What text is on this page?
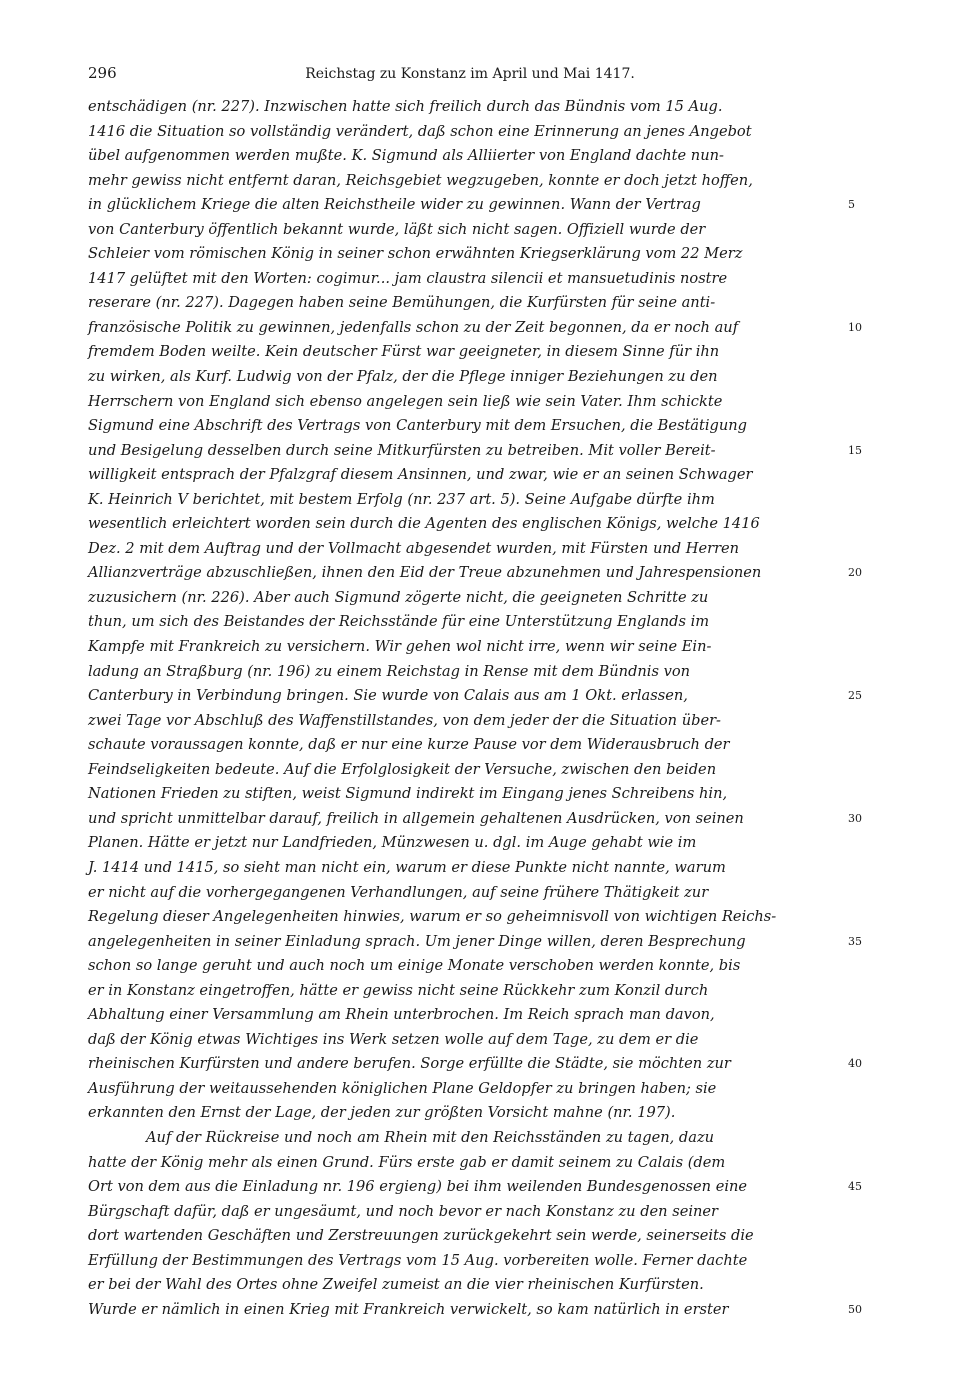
296	Reichstag zu Konstanz im April und Mai 1417.
entschädigen (nr. 227). Inzwischen hatte sich freilich durch das Bündnis vom 15 Aug.
1416 die Situation so vollständig verändert, daß schon eine Erinnerung an jenes Angebot
übel aufgenommen werden mußte. K. Sigmund als Alliierter von England dachte nun-
mehr gewiss nicht entfernt daran, Reichsgebiet wegzugeben, konnte er doch jetzt hoffen,
in glücklichem Kriege die alten Reichstheile wider zu gewinnen. Wann der Vertrag	5
von Canterbury öffentlich bekannt wurde, läßt sich nicht sagen. Offiziell wurde der
Schleier vom römischen König in seiner schon erwähnten Kriegserklärung vom 22 Merz
1417 gelüftet mit den Worten: cogimur... jam claustra silencii et mansuetudinis nostre
reserare (nr. 227). Dagegen haben seine Bemühungen, die Kurfürsten für seine anti-
französische Politik zu gewinnen, jedenfalls schon zu der Zeit begonnen, da er noch auf	10
fremdem Boden weilte. Kein deutscher Fürst war geeigneter, in diesem Sinne für ihn
zu wirken, als Kurf. Ludwig von der Pfalz, der die Pflege inniger Beziehungen zu den
Herrschern von England sich ebenso angelegen sein ließ wie sein Vater. Ihm schickte
Sigmund eine Abschrift des Vertrags von Canterbury mit dem Ersuchen, die Bestätigung
und Besigelung desselben durch seine Mitkurfürsten zu betreiben. Mit voller Bereit-	15
willigkeit entsprach der Pfalzgraf diesem Ansinnen, und zwar, wie er an seinen Schwager
K. Heinrich V berichtet, mit bestem Erfolg (nr. 237 art. 5). Seine Aufgabe dürfte ihm
wesentlich erleichtert worden sein durch die Agenten des englischen Königs, welche 1416
Dez. 2 mit dem Auftrag und der Vollmacht abgesendet wurden, mit Fürsten und Herren
Allianzverträge abzuschließen, ihnen den Eid der Treue abzunehmen und Jahrespensionen	20
zuzusichern (nr. 226). Aber auch Sigmund zögerte nicht, die geeigneten Schritte zu
thun, um sich des Beistandes der Reichsstände für eine Unterstützung Englands im
Kampfe mit Frankreich zu versichern. Wir gehen wol nicht irre, wenn wir seine Ein-
ladung an Straßburg (nr. 196) zu einem Reichstag in Rense mit dem Bündnis von
Canterbury in Verbindung bringen. Sie wurde von Calais aus am 1 Okt. erlassen,	25
zwei Tage vor Abschluß des Waffenstillstandes, von dem jeder der die Situation über-
schaute voraussagen konnte, daß er nur eine kurze Pause vor dem Widerausbruch der
Feindseligkeiten bedeute. Auf die Erfolglosigkeit der Versuche, zwischen den beiden
Nationen Frieden zu stiften, weist Sigmund indirekt im Eingang jenes Schreibens hin,
und spricht unmittelbar darauf, freilich in allgemein gehaltenen Ausdrücken, von seinen	30
Planen. Hätte er jetzt nur Landfrieden, Münzwesen u. dgl. im Auge gehabt wie im
J. 1414 und 1415, so sieht man nicht ein, warum er diese Punkte nicht nannte, warum
er nicht auf die vorhergegangenen Verhandlungen, auf seine frühere Thätigkeit zur
Regelung dieser Angelegenheiten hinwies, warum er so geheimnisvoll von wichtigen Reichs-
angelegenheiten in seiner Einladung sprach. Um jener Dinge willen, deren Besprechung	35
schon so lange geruht und auch noch um einige Monate verschoben werden konnte, bis
er in Konstanz eingetroffen, hätte er gewiss nicht seine Rückkehr zum Konzil durch
Abhaltung einer Versammlung am Rhein unterbrochen. Im Reich sprach man davon,
daß der König etwas Wichtiges ins Werk setzen wolle auf dem Tage, zu dem er die
rheinischen Kurfürsten und andere berufen. Sorge erfüllte die Städte, sie möchten zur	40
Ausführung der weitaussehenden königlichen Plane Geldopfer zu bringen haben; sie
erkannten den Ernst der Lage, der jeden zur größten Vorsicht mahne (nr. 197).
Auf der Rückreise und noch am Rhein mit den Reichsständen zu tagen, dazu
hatte der König mehr als einen Grund. Fürs erste gab er damit seinem zu Calais (dem
Ort von dem aus die Einladung nr. 196 ergieng) bei ihm weilenden Bundesgenossen eine	45
Bürgschaft dafür, daß er ungesäumt, und noch bevor er nach Konstanz zu den seiner
dort wartenden Geschäften und Zerstreuungen zurückgekehrt sein werde, seinerseits die
Erfüllung der Bestimmungen des Vertrags vom 15 Aug. vorbereiten wolle. Ferner dachte
er bei der Wahl des Ortes ohne Zweifel zumeist an die vier rheinischen Kurfürsten.
Wurde er nämlich in einen Krieg mit Frankreich verwickelt, so kam natürlich in erster	50
